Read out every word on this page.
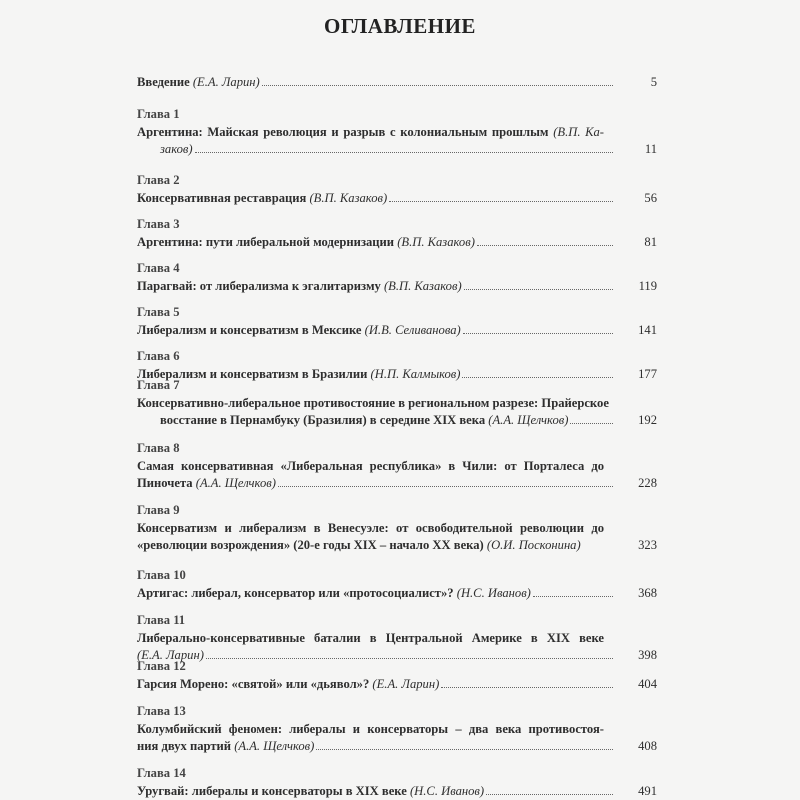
ОГЛАВЛЕНИЕ
Введение (Е.А. Ларин)	5
Глава 1
Аргентина: Майская революция и разрыв с колониальным прошлым (В.П. Ка-
заков)	11
Глава 2
Консервативная реставрация (В.П. Казаков)	56
Глава 3
Аргентина: пути либеральной модернизации (В.П. Казаков)	81
Глава 4
Парагвай: от либерализма к эгалитаризму (В.П. Казаков)	119
Глава 5
Либерализм и консерватизм в Мексике (И.В. Селиванова)	141
Глава 6
Либерализм и консерватизм в Бразилии (Н.П. Калмыков)	177
Глава 7
Консервативно-либеральное противостояние в региональном разрезе: Прайерское
восстание в Пернамбуку (Бразилия) в середине XIX века (А.А. Щелчков)	192
Глава 8
Самая консервативная «Либеральная республика» в Чили: от Порталеса до
Пиночета (А.А. Щелчков)	228
Глава 9
Консерватизм и либерализм в Венесуэле: от освободительной революции до
«революции возрождения» (20-е годы XIX – начало XX века) (О.И. Посконина)	323
Глава 10
Артигас: либерал, консерватор или «протосоциалист»? (Н.С. Иванов)	368
Глава 11
Либерально-консервативные баталии в Центральной Америке в XIX веке
(Е.А. Ларин)	398
Глава 12
Гарсия Морено: «святой» или «дьявол»? (Е.А. Ларин)	404
Глава 13
Колумбийский феномен: либералы и консерваторы – два века противостоя-
ния двух партий (А.А. Щелчков)	408
Глава 14
Уругвай: либералы и консерваторы в XIX веке (Н.С. Иванов)	491
